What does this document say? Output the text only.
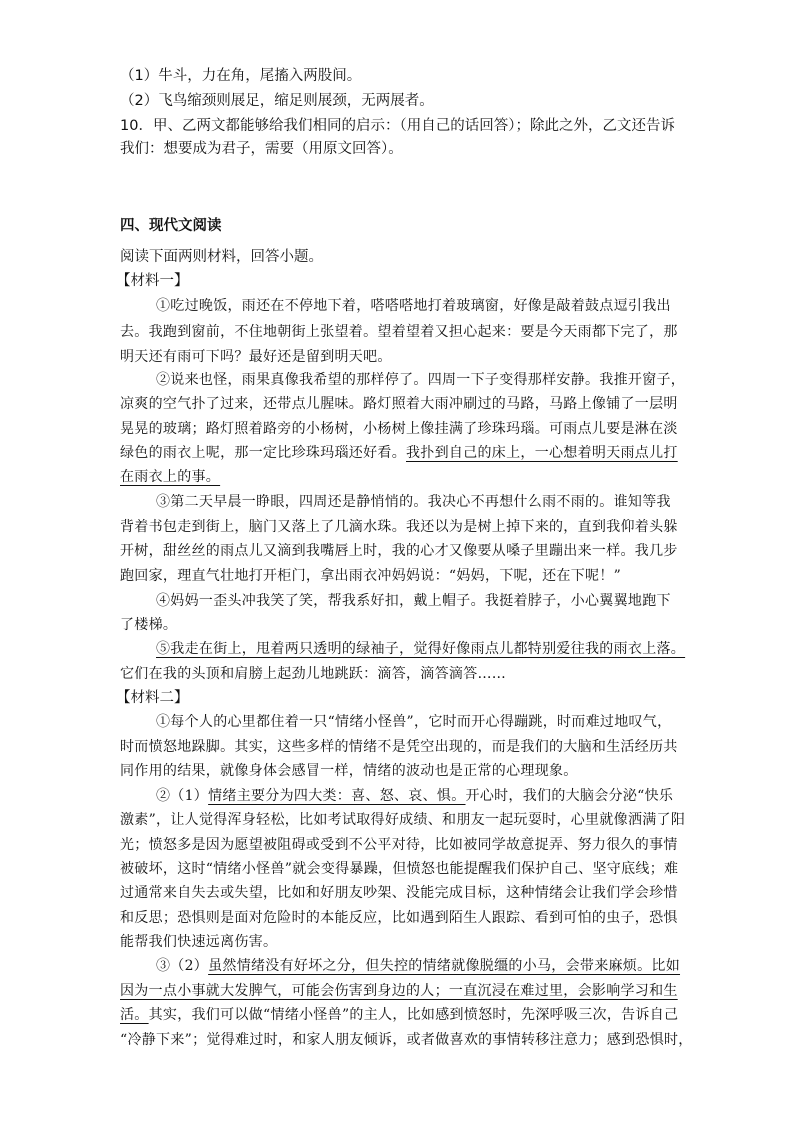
（1）牛斗，力在角，尾搐入两股间。
（2）飞鸟缩颈则展足，缩足则展颈，无两展者。
10．甲、乙两文都能够给我们相同的启示：（用自己的话回答）；除此之外，乙文还告诉
我们：想要成为君子，需要（用原文回答）。
四、现代文阅读
阅读下面两则材料，回答小题。
【材料一】
①吃过晚饭，雨还在不停地下着，嗒嗒嗒地打着玻璃窗，好像是敲着鼓点逗引我出
去。我跑到窗前，不住地朝街上张望着。望着望着又担心起来：要是今天雨都下完了，那
明天还有雨可下吗？最好还是留到明天吧。
②说来也怪，雨果真像我希望的那样停了。四周一下子变得那样安静。我推开窗子，
凉爽的空气扑了过来，还带点儿腥味。路灯照着大雨冲刷过的马路，马路上像铺了一层明
晃晃的玻璃；路灯照着路旁的小杨树，小杨树上像挂满了珍珠玛瑙。可雨点儿要是淋在淡
绿色的雨衣上呢，那一定比珍珠玛瑙还好看。我扑到自己的床上，一心想着明天雨点儿打
在雨衣上的事。
③第二天早晨一睁眼，四周还是静悄悄的。我决心不再想什么雨不雨的。谁知等我
背着书包走到街上，脑门又落上了几滴水珠。我还以为是树上掉下来的，直到我仰着头躲
开树，甜丝丝的雨点儿又滴到我嘴唇上时，我的心才又像要从嗓子里蹦出来一样。我几步
跑回家，理直气壮地打开柜门，拿出雨衣冲妈妈说：“妈妈，下呢，还在下呢！”
④妈妈一歪头冲我笑了笑，帮我系好扣，戴上帽子。我挺着脖子，小心翼翼地跑下
了楼梯。
⑤我走在街上，甩着两只透明的绿袖子，觉得好像雨点儿都特别爱往我的雨衣上落。
它们在我的头顶和肩膀上起劲儿地跳跃：滴答，滴答滴答……
【材料二】
①每个人的心里都住着一只“情绪小怪兽”，它时而开心得蹦跳，时而难过地叹气，
时而愤怒地跺脚。其实，这些多样的情绪不是凭空出现的，而是我们的大脑和生活经历共
同作用的结果，就像身体会感冒一样，情绪的波动也是正常的心理现象。
②（1）情绪主要分为四大类：喜、怒、哀、惧。开心时，我们的大脑会分泌“快乐
激素”，让人觉得浑身轻松，比如考试取得好成绩、和朋友一起玩耍时，心里就像洒满了阳
光；愤怒多是因为愿望被阻碍或受到不公平对待，比如被同学故意捉弄、努力很久的事情
被破坏，这时“情绪小怪兽”就会变得暴躁，但愤怒也能提醒我们保护自己、坚守底线；难
过通常来自失去或失望，比如和好朋友吵架、没能完成目标，这种情绪会让我们学会珍惜
和反思；恐惧则是面对危险时的本能反应，比如遇到陌生人跟踪、看到可怕的虫子，恐惧
能帮我们快速远离伤害。
③（2）虽然情绪没有好坏之分，但失控的情绪就像脱缰的小马，会带来麻烦。比如
因为一点小事就大发脾气，可能会伤害到身边的人；一直沉浸在难过里，会影响学习和生
活。其实，我们可以做“情绪小怪兽”的主人，比如感到愤怒时，先深呼吸三次，告诉自己
“冷静下来”；觉得难过时，和家人朋友倾诉，或者做喜欢的事情转移注意力；感到恐惧时，
